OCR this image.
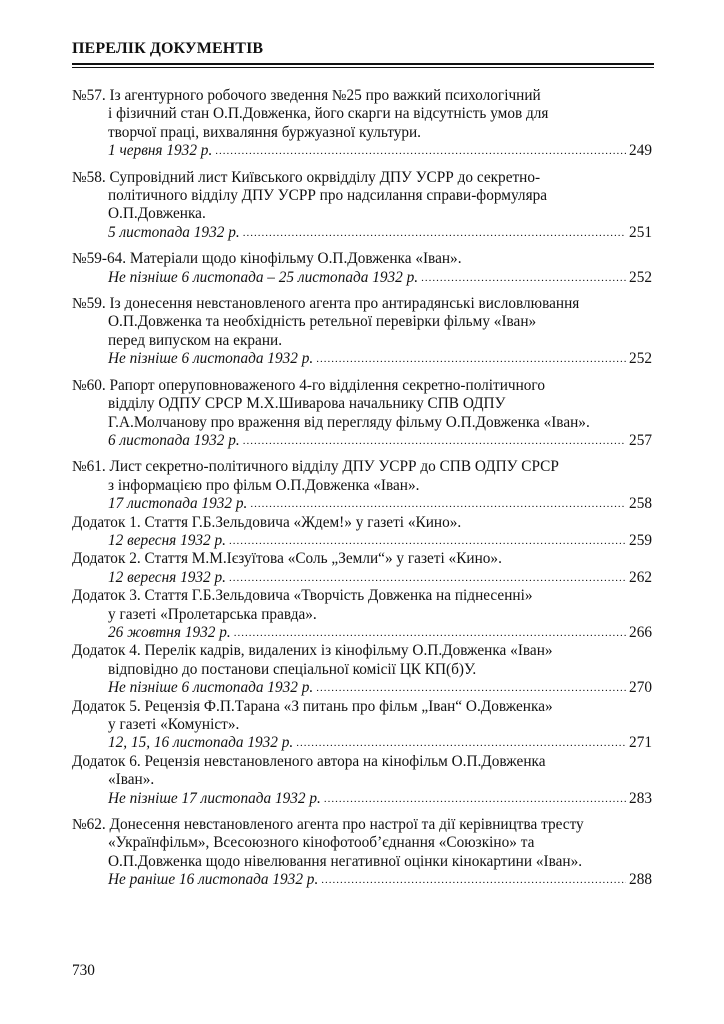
ПЕРЕЛІК ДОКУМЕНТІВ
№57. Із агентурного робочого зведення №25 про важкий психологічний
і фізичний стан О.П.Довженка, його скарги на відсутність умов для
творчої праці, вихваляння буржуазної культури.
1 червня 1932 р. .....	249
№58. Супровідний лист Київського окрвідділу ДПУ УСРР до секретно-
політичного відділу ДПУ УСРР про надсилання справи-формуляра
О.П.Довженка.
5 листопада 1932 р. .....	251
№59-64. Матеріали щодо кінофільму О.П.Довженка «Іван».
Не пізніше 6 листопада – 25 листопада 1932 р. .....	252
№59. Із донесення невстановленого агента про антирадянські висловлювання
О.П.Довженка та необхідність ретельної перевірки фільму «Іван»
перед випуском на екрани.
Не пізніше 6 листопада 1932 р. .....	252
№60. Рапорт оперуповноваженого 4-го відділення секретно-політичного
відділу ОДПУ СРСР М.Х.Шиварова начальнику СПВ ОДПУ
Г.А.Молчанову про враження від перегляду фільму О.П.Довженка «Іван».
6 листопада 1932 р. .....	257
№61. Лист секретно-політичного відділу ДПУ УСРР до СПВ ОДПУ СРСР
з інформацією про фільм О.П.Довженка «Іван».
17 листопада 1932 р. .....	258
Додаток 1. Стаття Г.Б.Зельдовича «Ждем!» у газеті «Кино».
12 вересня 1932 р. .....	259
Додаток 2. Стаття М.М.Ієзуїтова «Соль „Земли“» у газеті «Кино».
12 вересня 1932 р. .....	262
Додаток 3. Стаття Г.Б.Зельдовича «Творчість Довженка на піднесенні»
у газеті «Пролетарська правда».
26 жовтня 1932 р. .....	266
Додаток 4. Перелік кадрів, видалених із кінофільму О.П.Довженка «Іван»
відповідно до постанови спеціальної комісії ЦК КП(б)У.
Не пізніше 6 листопада 1932 р. .....	270
Додаток 5. Рецензія Ф.П.Тарана «З питань про фільм „Іван“ О.Довженка»
у газеті «Комуніст».
12, 15, 16 листопада 1932 р. .....	271
Додаток 6. Рецензія невстановленого автора на кінофільм О.П.Довженка
«Іван».
Не пізніше 17 листопада 1932 р. .....	283
№62. Донесення невстановленого агента про настрої та дії керівництва тресту
«Українфільм», Всесоюзного кінофотооб’єднання «Союзкіно» та
О.П.Довженка щодо нівелювання негативної оцінки кінокартини «Іван».
Не раніше 16 листопада 1932 р. .....	288
730
